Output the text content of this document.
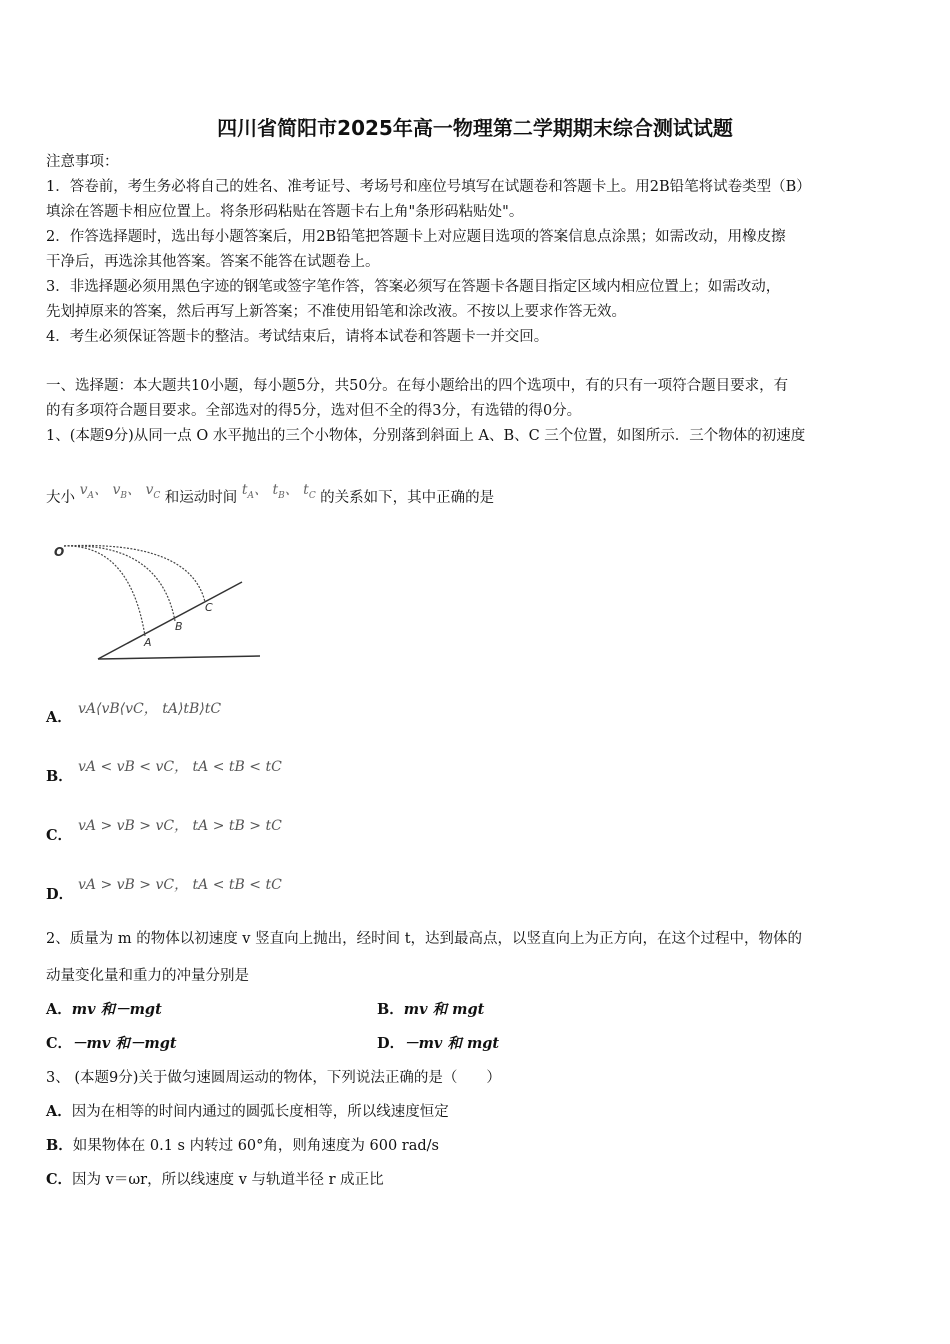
四川省简阳市2025年高一物理第二学期期末综合测试试题
注意事项：
1．答卷前，考生务必将自己的姓名、准考证号、考场号和座位号填写在试题卷和答题卡上。用2B铅笔将试卷类型（B）
填涂在答题卡相应位置上。将条形码粘贴在答题卡右上角"条形码粘贴处"。
2．作答选择题时，选出每小题答案后，用2B铅笔把答题卡上对应题目选项的答案信息点涂黑；如需改动，用橡皮擦
干净后，再选涂其他答案。答案不能答在试题卷上。
3．非选择题必须用黑色字迹的钢笔或签字笔作答，答案必须写在答题卡各题目指定区域内相应位置上；如需改动，
先划掉原来的答案，然后再写上新答案；不准使用铅笔和涂改液。不按以上要求作答无效。
4．考生必须保证答题卡的整洁。考试结束后，请将本试卷和答题卡一并交回。
一、选择题：本大题共10小题，每小题5分，共50分。在每小题给出的四个选项中，有的只有一项符合题目要求，有
的有多项符合题目要求。全部选对的得5分，选对但不全的得3分，有选错的得0分。
1、(本题9分)从同一点 O 水平抛出的三个小物体，分别落到斜面上 A、B、C 三个位置，如图所示．三个物体的初速度
大小 $v_A$、 $v_B$、 $v_C$ 和运动时间 $t_A$、 $t_B$、 $t_C$ 的关系如下，其中正确的是
O
A
B
C
A． vA⟨vB⟨vC， tA⟩tB⟩tC
B．
vA < vB < vC， tA < tB < tC
C．
vA > vB > vC， tA > tB > tC
D．
vA > vB > vC， tA < tB < tC
2、质量为 m 的物体以初速度 v 竖直向上抛出，经时间 t，达到最高点，以竖直向上为正方向，在这个过程中，物体的
动量变化量和重力的冲量分别是
A．mv 和－mgt	B．mv 和 mgt
C．－mv 和－mgt	D．－mv 和 mgt
3、 (本题9分)关于做匀速圆周运动的物体，下列说法正确的是（　　）
A．因为在相等的时间内通过的圆弧长度相等，所以线速度恒定
B．如果物体在 0.1 s 内转过 60°角，则角速度为 600 rad/s
C．因为 v＝ωr，所以线速度 v 与轨道半径 r 成正比
